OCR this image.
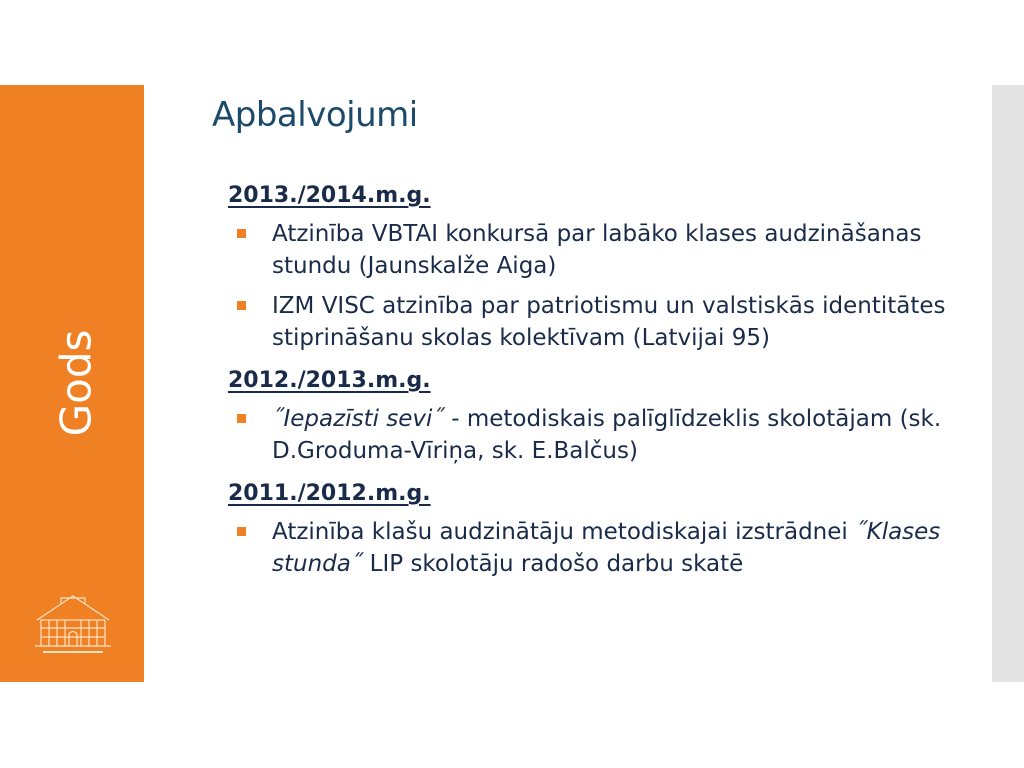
Gods
Apbalvojumi
2013./2014.m.g.
Atzinība VBTAI konkursā par labāko klases audzināšanas stundu (Jaunskalže Aiga)
IZM VISC atzinība par patriotismu un valstiskās identitātes stiprināšanu skolas kolektīvam (Latvijai 95)
2012./2013.m.g.
˝Iepazīsti sevi˝ - metodiskais palīglīdzeklis skolotājam (sk. D.Groduma-Vīriņa, sk. E.Balčus)
2011./2012.m.g.
Atzinība klašu audzinātāju metodiskajai izstrādnei ˝Klases stunda˝ LIP skolotāju radošo darbu skatē
